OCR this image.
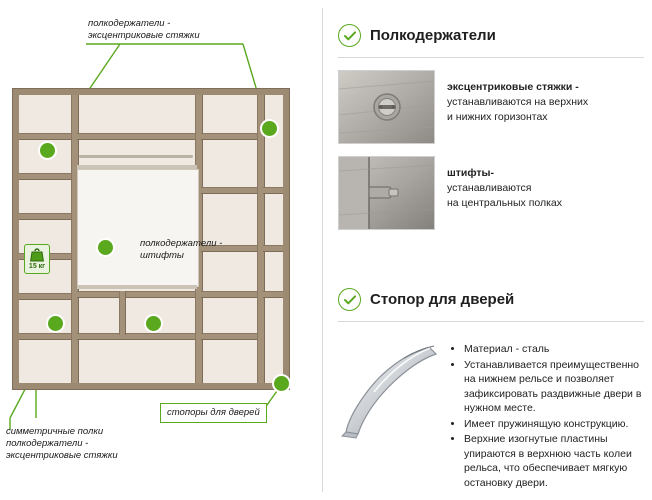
полкодержатели -
эксцентриковые стяжки
15 кг
полкодержатели -
штифты
стопоры для дверей
симметричные полки
полкодержатели -
эксцентриковые стяжки
Полкодержатели
эксцентриковые стяжки -
устанавливаются на верхних
и нижних горизонтах
штифты-
устанавливаются
на центральных полках
Стопор для дверей
• Материал - сталь
• Устанавливается преимущественно на нижнем рельсе и позволяет зафиксировать раздвижные двери в нужном месте.
• Имеет пружинящую конструкцию.
• Верхние изогнутые пластины упираются в верхнюю часть колеи рельса, что обеспечивает мягкую остановку двери.
